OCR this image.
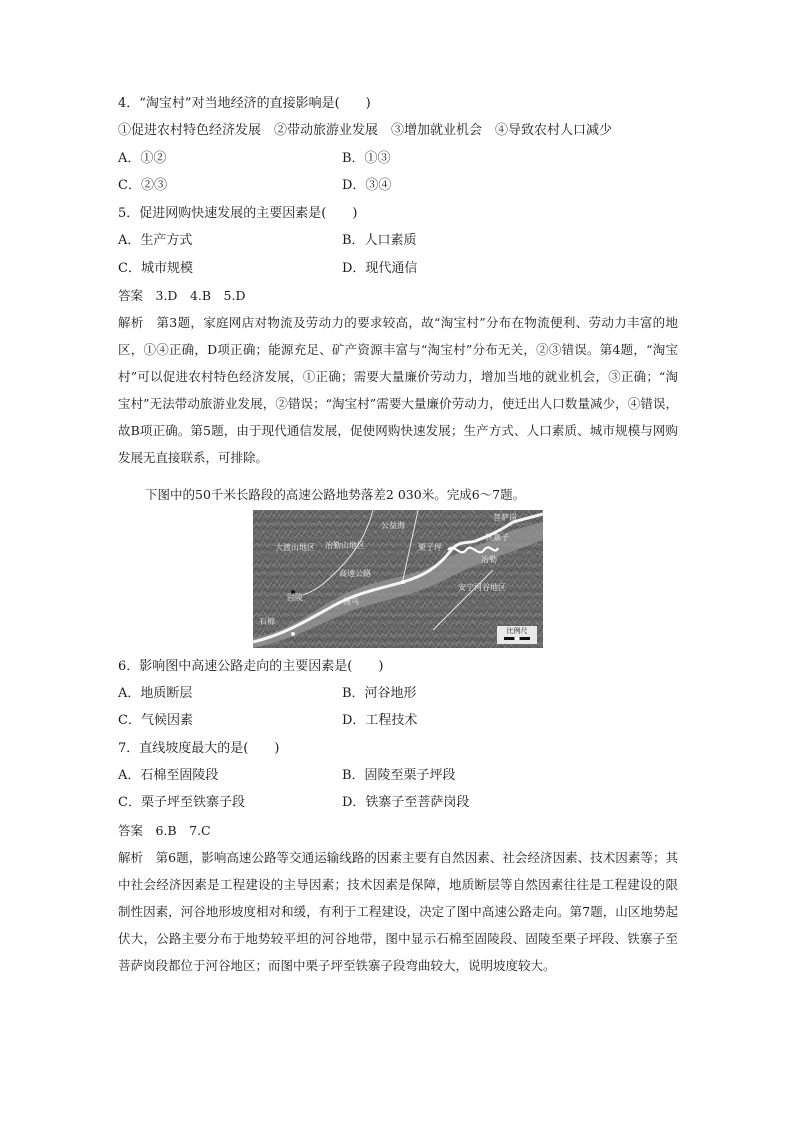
4．“淘宝村”对当地经济的直接影响是(　　)
①促进农村特色经济发展　②带动旅游业发展　③增加就业机会　④导致农村人口减少
A．①②	B．①③
C．②③	D．③④
5．促进网购快速发展的主要因素是(　　)
A．生产方式	B．人口素质
C．城市规模	D．现代通信
答案　3.D　4.B　5.D
解析　第3题，家庭网店对物流及劳动力的要求较高，故“淘宝村”分布在物流便利、劳动力丰富的地区，①④正确，D项正确；能源充足、矿产资源丰富与“淘宝村”分布无关，②③错误。第4题，“淘宝村”可以促进农村特色经济发展，①正确；需要大量廉价劳动力，增加当地的就业机会，③正确；“淘宝村”无法带动旅游业发展，②错误；“淘宝村”需要大量廉价劳动力，使迁出人口数量减少，④错误，故B项正确。第5题，由于现代通信发展，促使网购快速发展；生产方式、人口素质、城市规模与网购发展无直接联系，可排除。
下图中的50千米长路段的高速公路地势落差2 030米。完成6～7题。
菩萨岗
铁寨子
栗子坪
公益海
石棉
固陵	拖乌
高速公路
大渡山地区 冶勒山地区
安宁河谷地区
冶勒
比例尺
6．影响图中高速公路走向的主要因素是(　　)
A．地质断层	B．河谷地形
C．气候因素	D．工程技术
7．直线坡度最大的是(　　)
A．石棉至固陵段	B．固陵至栗子坪段
C．栗子坪至铁寨子段	D．铁寨子至菩萨岗段
答案　6.B　7.C
解析　第6题，影响高速公路等交通运输线路的因素主要有自然因素、社会经济因素、技术因素等；其中社会经济因素是工程建设的主导因素；技术因素是保障，地质断层等自然因素往往是工程建设的限制性因素，河谷地形坡度相对和缓，有利于工程建设，决定了图中高速公路走向。第7题，山区地势起伏大，公路主要分布于地势较平坦的河谷地带，图中显示石棉至固陵段、固陵至栗子坪段、铁寨子至菩萨岗段都位于河谷地区；而图中栗子坪至铁寨子段弯曲较大，说明坡度较大。
